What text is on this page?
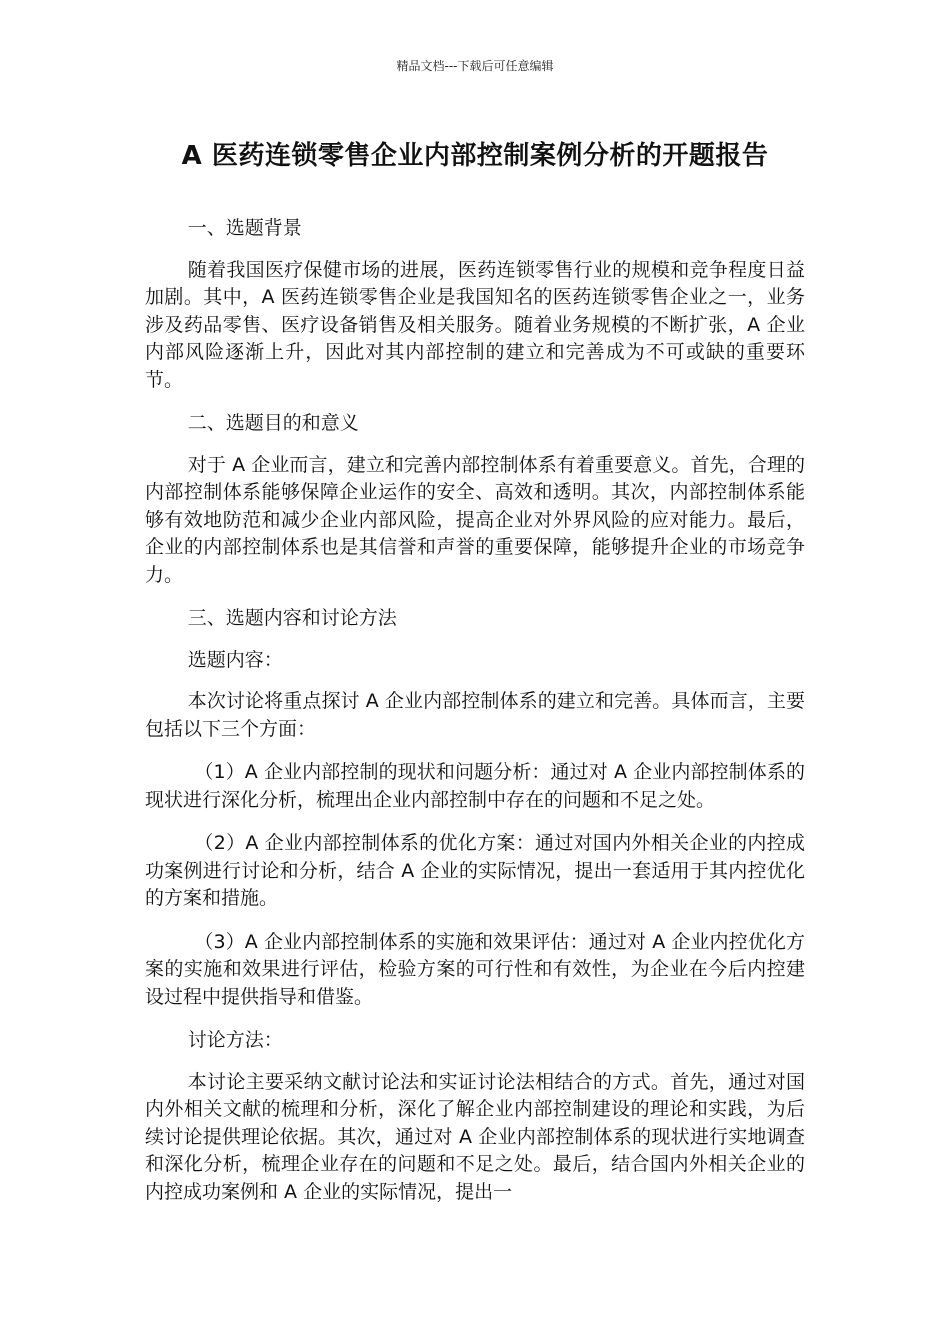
精品文档---下载后可任意编辑
A 医药连锁零售企业内部控制案例分析的开题报告

一、选题背景

随着我国医疗保健市场的进展，医药连锁零售行业的规模和竞争程度日益加剧。其中，A 医药连锁零售企业是我国知名的医药连锁零售企业之一，业务涉及药品零售、医疗设备销售及相关服务。随着业务规模的不断扩张，A 企业内部风险逐渐上升，因此对其内部控制的建立和完善成为不可或缺的重要环节。

二、选题目的和意义

对于 A 企业而言，建立和完善内部控制体系有着重要意义。首先，合理的内部控制体系能够保障企业运作的安全、高效和透明。其次，内部控制体系能够有效地防范和减少企业内部风险，提高企业对外界风险的应对能力。最后，企业的内部控制体系也是其信誉和声誉的重要保障，能够提升企业的市场竞争力。

三、选题内容和讨论方法

选题内容：

本次讨论将重点探讨 A 企业内部控制体系的建立和完善。具体而言，主要包括以下三个方面：

（1）A 企业内部控制的现状和问题分析：通过对 A 企业内部控制体系的现状进行深化分析，梳理出企业内部控制中存在的问题和不足之处。

（2）A 企业内部控制体系的优化方案：通过对国内外相关企业的内控成功案例进行讨论和分析，结合 A 企业的实际情况，提出一套适用于其内控优化的方案和措施。

（3）A 企业内部控制体系的实施和效果评估：通过对 A 企业内控优化方案的实施和效果进行评估，检验方案的可行性和有效性，为企业在今后内控建设过程中提供指导和借鉴。

讨论方法：

本讨论主要采纳文献讨论法和实证讨论法相结合的方式。首先，通过对国内外相关文献的梳理和分析，深化了解企业内部控制建设的理论和实践，为后续讨论提供理论依据。其次，通过对 A 企业内部控制体系的现状进行实地调查和深化分析，梳理企业存在的问题和不足之处。最后，结合国内外相关企业的内控成功案例和 A 企业的实际情况，提出一
